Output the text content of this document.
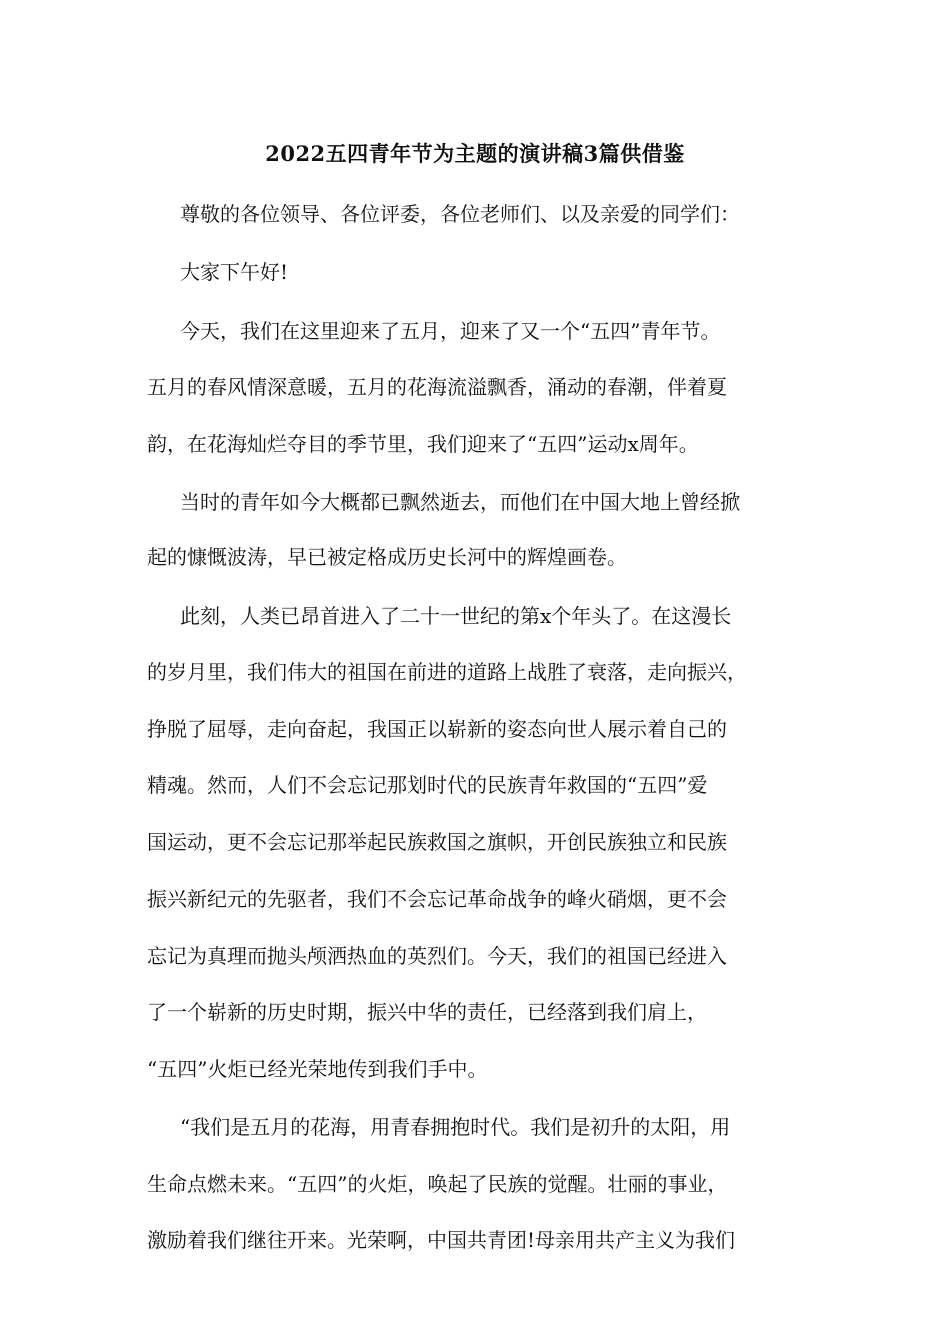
2022五四青年节为主题的演讲稿3篇供借鉴
尊敬的各位领导、各位评委，各位老师们、以及亲爱的同学们：
大家下午好!
今天，我们在这里迎来了五月，迎来了又一个“五四”青年节。
五月的春风情深意暖，五月的花海流溢飘香，涌动的春潮，伴着夏
韵，在花海灿烂夺目的季节里，我们迎来了“五四”运动x周年。
当时的青年如今大概都已飘然逝去，而他们在中国大地上曾经掀
起的慷慨波涛，早已被定格成历史长河中的辉煌画卷。
此刻，人类已昂首进入了二十一世纪的第x个年头了。在这漫长
的岁月里，我们伟大的祖国在前进的道路上战胜了衰落，走向振兴，
挣脱了屈辱，走向奋起，我国正以崭新的姿态向世人展示着自己的
精魂。然而，人们不会忘记那划时代的民族青年救国的“五四”爱
国运动，更不会忘记那举起民族救国之旗帜，开创民族独立和民族
振兴新纪元的先驱者，我们不会忘记革命战争的峰火硝烟，更不会
忘记为真理而抛头颅洒热血的英烈们。今天，我们的祖国已经进入
了一个崭新的历史时期，振兴中华的责任，已经落到我们肩上，
“五四”火炬已经光荣地传到我们手中。
“我们是五月的花海，用青春拥抱时代。我们是初升的太阳，用
生命点燃未来。“五四”的火炬，唤起了民族的觉醒。壮丽的事业，
激励着我们继往开来。光荣啊，中国共青团!母亲用共产主义为我们
